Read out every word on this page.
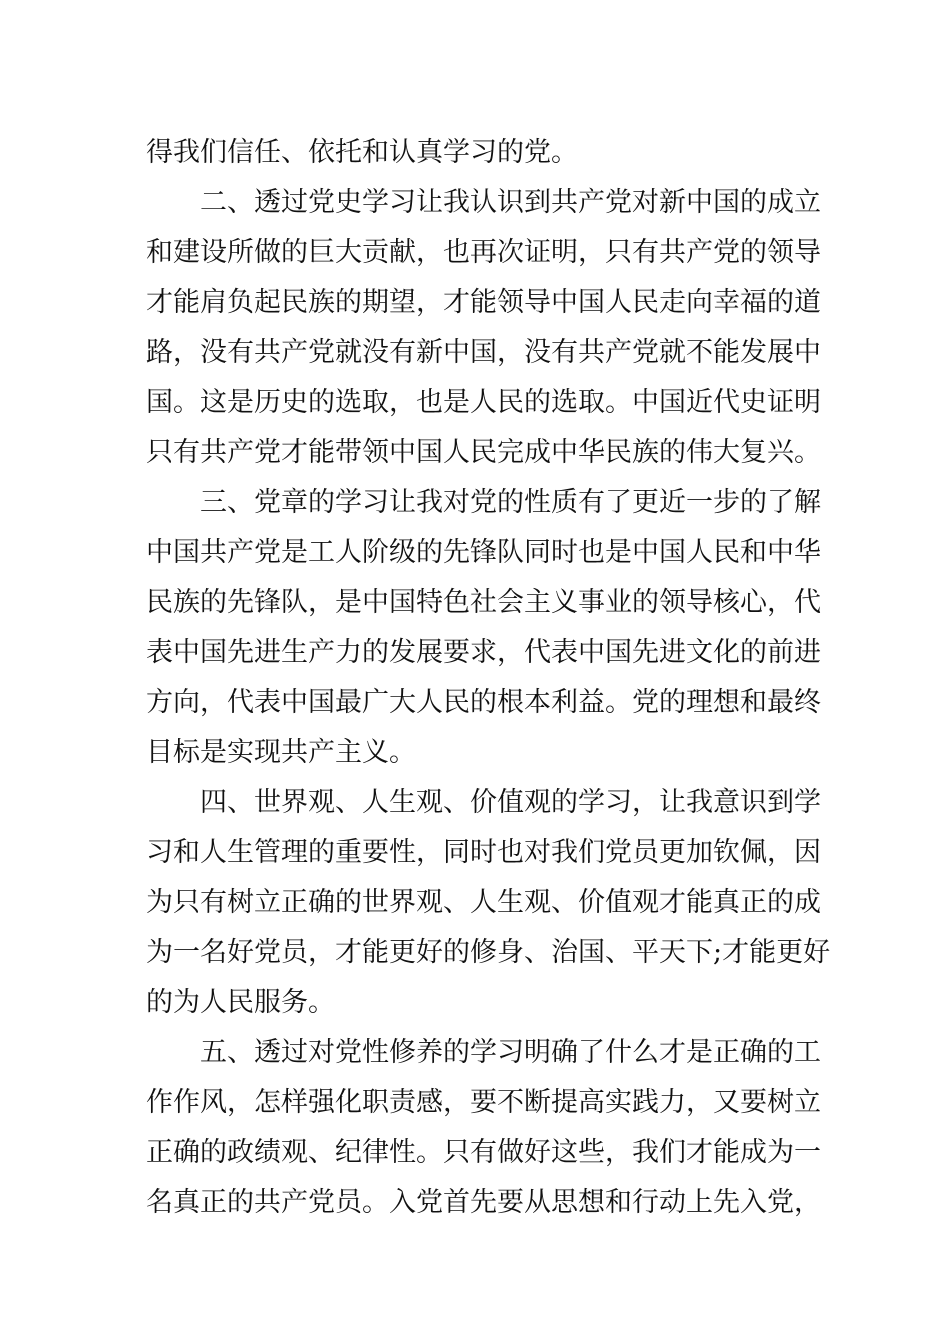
得我们信任、依托和认真学习的党。
二、透过党史学习让我认识到共产党对新中国的成立
和建设所做的巨大贡献，也再次证明，只有共产党的领导
才能肩负起民族的期望，才能领导中国人民走向幸福的道
路，没有共产党就没有新中国，没有共产党就不能发展中
国。这是历史的选取，也是人民的选取。中国近代史证明
只有共产党才能带领中国人民完成中华民族的伟大复兴。
三、党章的学习让我对党的性质有了更近一步的了解
中国共产党是工人阶级的先锋队同时也是中国人民和中华
民族的先锋队，是中国特色社会主义事业的领导核心，代
表中国先进生产力的发展要求，代表中国先进文化的前进
方向，代表中国最广大人民的根本利益。党的理想和最终
目标是实现共产主义。
四、世界观、人生观、价值观的学习，让我意识到学
习和人生管理的重要性，同时也对我们党员更加钦佩，因
为只有树立正确的世界观、人生观、价值观才能真正的成
为一名好党员，才能更好的修身、治国、平天下;才能更好
的为人民服务。
五、透过对党性修养的学习明确了什么才是正确的工
作作风，怎样强化职责感，要不断提高实践力，又要树立
正确的政绩观、纪律性。只有做好这些，我们才能成为一
名真正的共产党员。入党首先要从思想和行动上先入党，
